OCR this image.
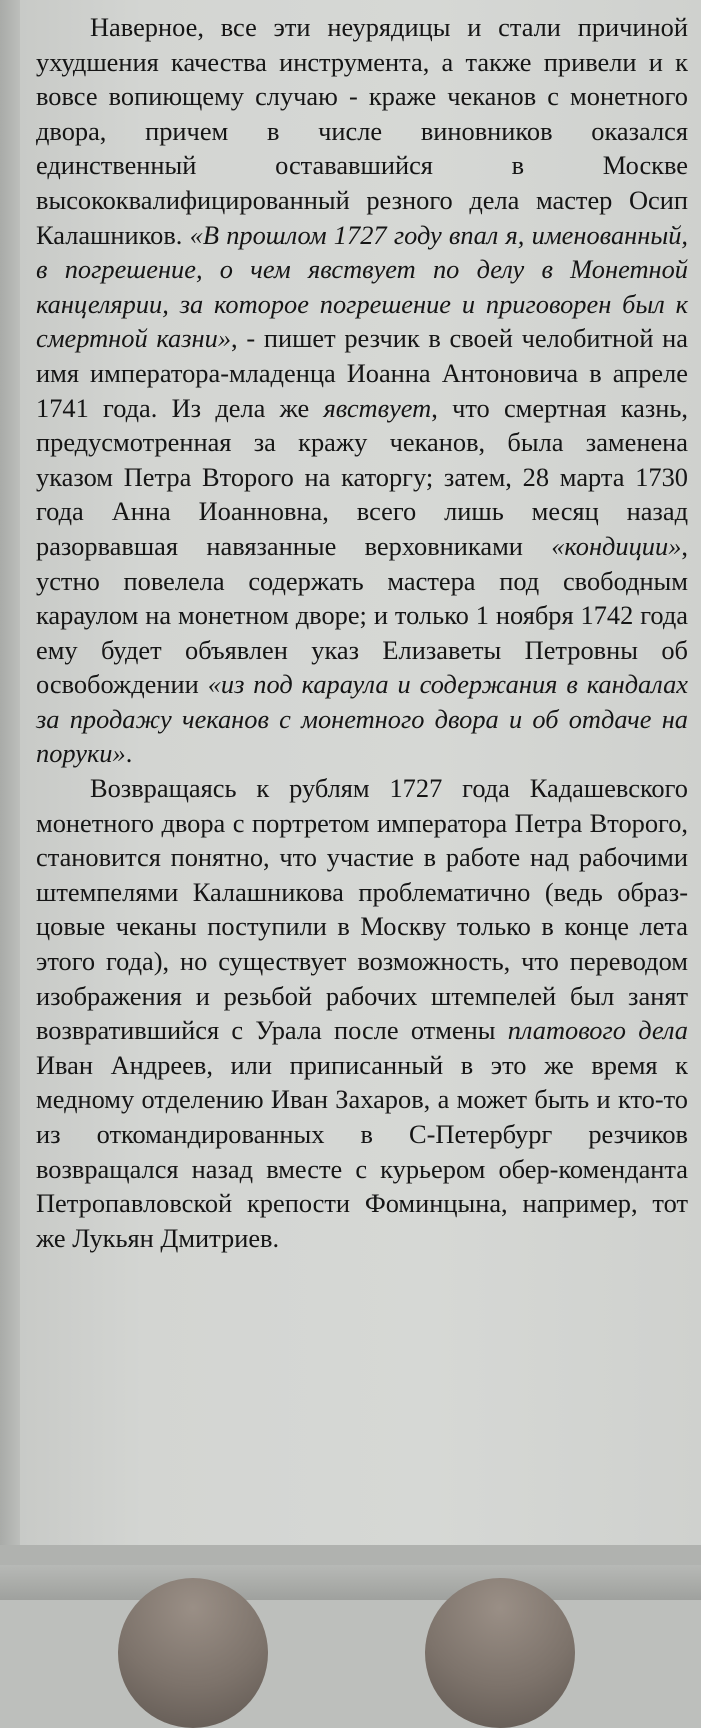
Наверное, все эти неурядицы и стали причиной ухудшения качества инструмента, а также привели и к вовсе вопиющему случаю - краже чеканов с монетного двора, причем в числе виновников оказался единственный остававшийся в Москве высококвалифицированный резного дела мастер Осип Калашников. «В прошлом 1727 году впал я, именованный, в погрешение, о чем явствует по делу в Монетной канцелярии, за которое погрешение и приговорен был к смертной казни», - пишет резчик в своей челобитной на имя императора-младенца Иоанна Антоновича в апреле 1741 года. Из дела же явствует, что смертная казнь, предусмотренная за кражу чеканов, была заменена указом Петра Второго на каторгу; затем, 28 марта 1730 года Анна Иоанновна, всего лишь месяц назад разорвавшая навязанные верховниками «кондиции», устно повелела содержать мастера под свободным караулом на монетном дворе; и только 1 ноября 1742 года ему будет объявлен указ Елизаветы Петровны об освобождении «из под караула и содержания в кандалах за продажу чеканов с монетного двора и об отдаче на поруки».

Возвращаясь к рублям 1727 года Кадашевского монетного двора с портретом императора Петра Второго, становится понятно, что участие в работе над рабочими штемпелями Калашникова проблематично (ведь образцовые чеканы поступили в Москву только в конце лета этого года), но существует возможность, что переводом изображения и резьбой рабочих штемпелей был занят возвратившийся с Урала после отмены платового дела Иван Андреев, или приписанный в это же время к медному отделению Иван Захаров, а может быть и кто-то из откомандированных в С-Петербург резчиков возвращался назад вместе с курьером обер-коменданта Петропавловской крепости Фоминцына, например, тот же Лукьян Дмитриев.
